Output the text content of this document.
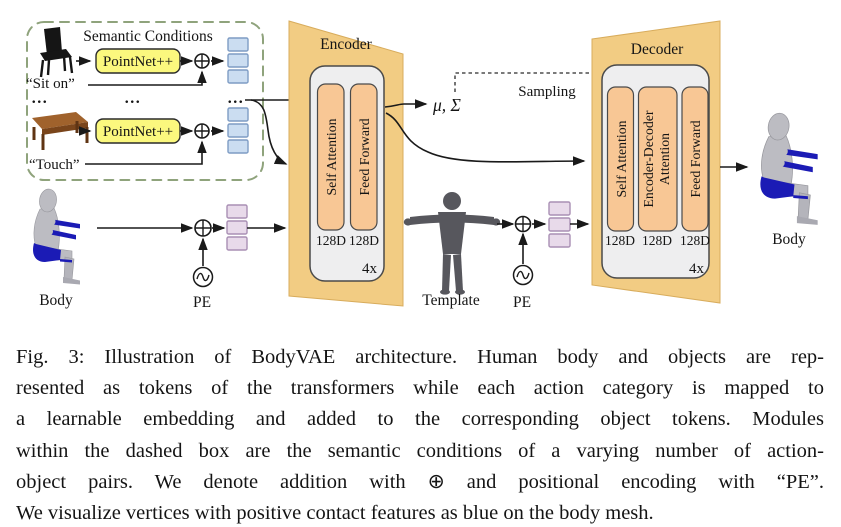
Semantic Conditions
“Sit on”
PointNet++
...	...	...
“Touch”
PointNet++
Encoder
Self Attention Feed Forward
128D 128D
4x
μ, Σ
Sampling
Decoder
Self Attention Encoder-Decoder Attention Feed Forward
128D 128D 128D
4x
Body
Body	PE	Template PE
Fig. 3: Illustration of BodyVAE architecture. Human body and objects are rep-
resented as tokens of the transformers while each action category is mapped to
a learnable embedding and added to the corresponding object tokens. Modules
within the dashed box are the semantic conditions of a varying number of action-
object pairs. We denote addition with ⊕ and positional encoding with “PE”.
We visualize vertices with positive contact features as blue on the body mesh.
